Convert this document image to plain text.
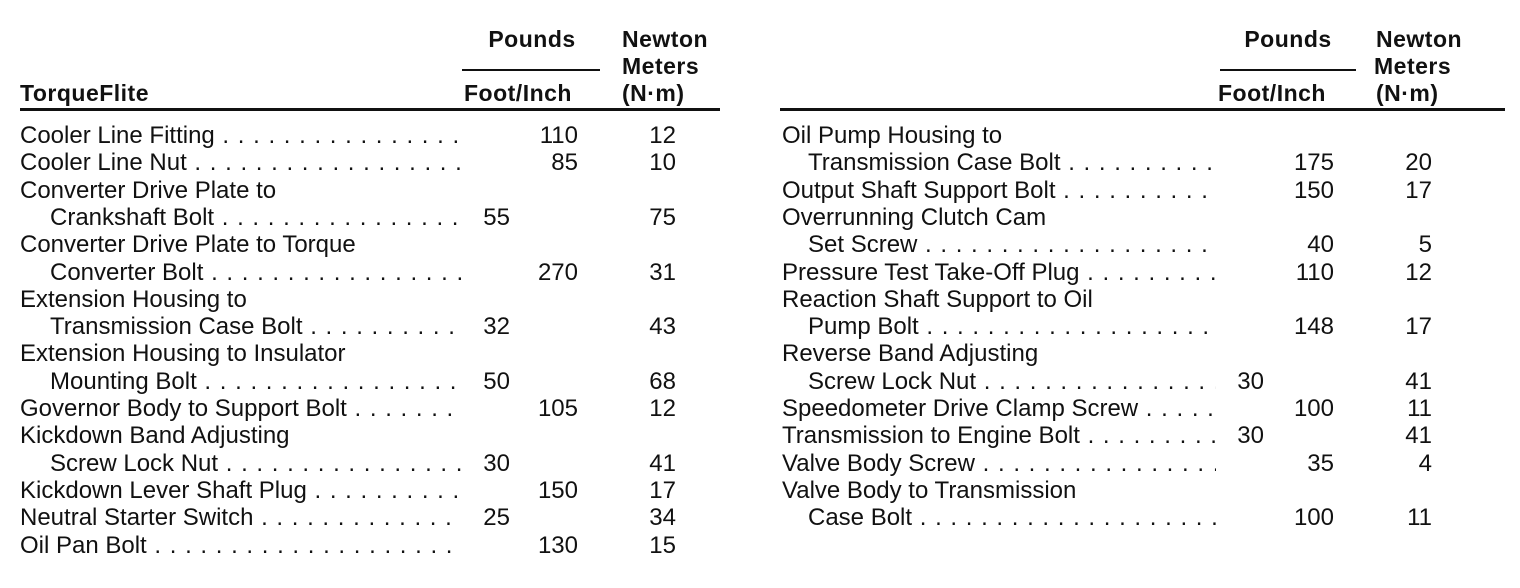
TorqueFlite
Pounds
Foot/Inch
Newton
Meters
(N·m)
Cooler Line Fitting . . .	110	12
Cooler Line Nut . . .	85	10
Converter Drive Plate to
Crankshaft Bolt . . .	55	75
Converter Drive Plate to Torque
Converter Bolt . . .	270	31
Extension Housing to
Transmission Case Bolt . . .	32	43
Extension Housing to Insulator
Mounting Bolt . . .	50	68
Governor Body to Support Bolt . . .	105	12
Kickdown Band Adjusting
Screw Lock Nut . . .	30	41
Kickdown Lever Shaft Plug . . .	150	17
Neutral Starter Switch . . .	25	34
Oil Pan Bolt . . .	130	15
Pounds
Foot/Inch
Newton
Meters
(N·m)
Oil Pump Housing to
Transmission Case Bolt . . .	175	20
Output Shaft Support Bolt . . .	150	17
Overrunning Clutch Cam
Set Screw . . .	40	5
Pressure Test Take-Off Plug . . .	110	12
Reaction Shaft Support to Oil
Pump Bolt . . .	148	17
Reverse Band Adjusting
Screw Lock Nut . . .	30	41
Speedometer Drive Clamp Screw . . .	100	11
Transmission to Engine Bolt . . .	30	41
Valve Body Screw . . .	35	4
Valve Body to Transmission
Case Bolt . . .	100	11
